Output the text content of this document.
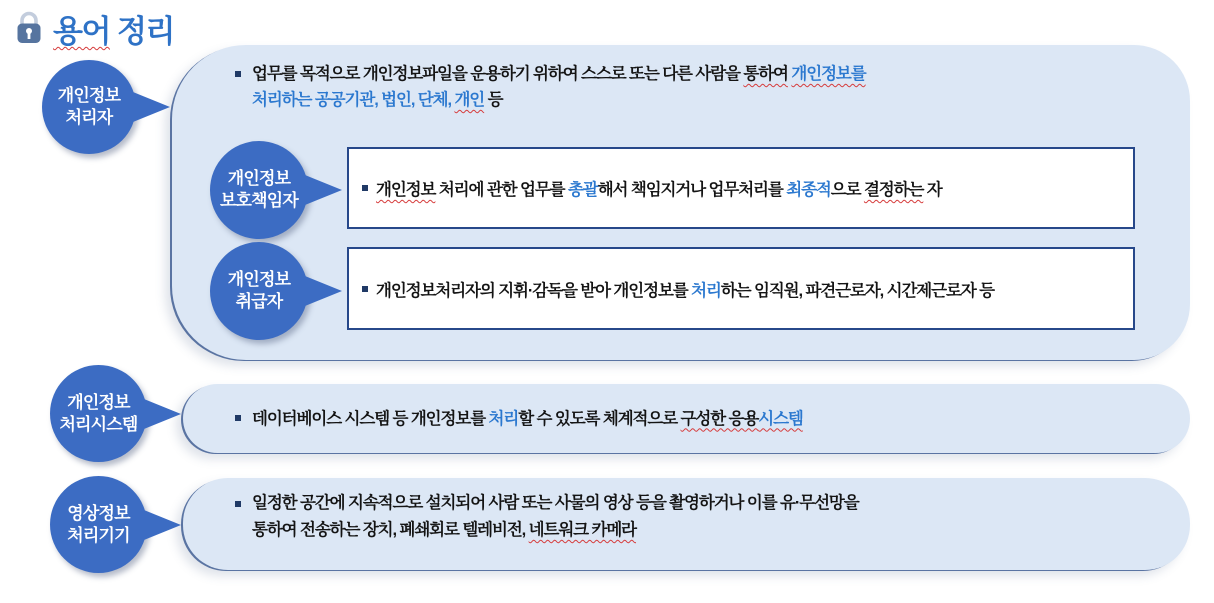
용어 정리
업무를 목적으로 개인정보파일을 운용하기 위하여 스스로 또는 다른 사람을 통하여 개인정보를
처리하는 공공기관, 법인, 단체, 개인 등
개인정보 처리에 관한 업무를 총괄해서 책임지거나 업무처리를 최종적으로 결정하는 자
개인정보처리자의 지휘·감독을 받아 개인정보를 처리하는 임직원, 파견근로자, 시간제근로자 등
데이터베이스 시스템 등 개인정보를 처리할 수 있도록 체계적으로 구성한 응용시스템
일정한 공간에 지속적으로 설치되어 사람 또는 사물의 영상 등을 촬영하거나 이를 유·무선망을
통하여 전송하는 장치, 폐쇄회로 텔레비전, 네트워크 카메라
개인정보
처리자
개인정보
보호책임자
개인정보
취급자
개인정보
처리시스템
영상정보
처리기기
